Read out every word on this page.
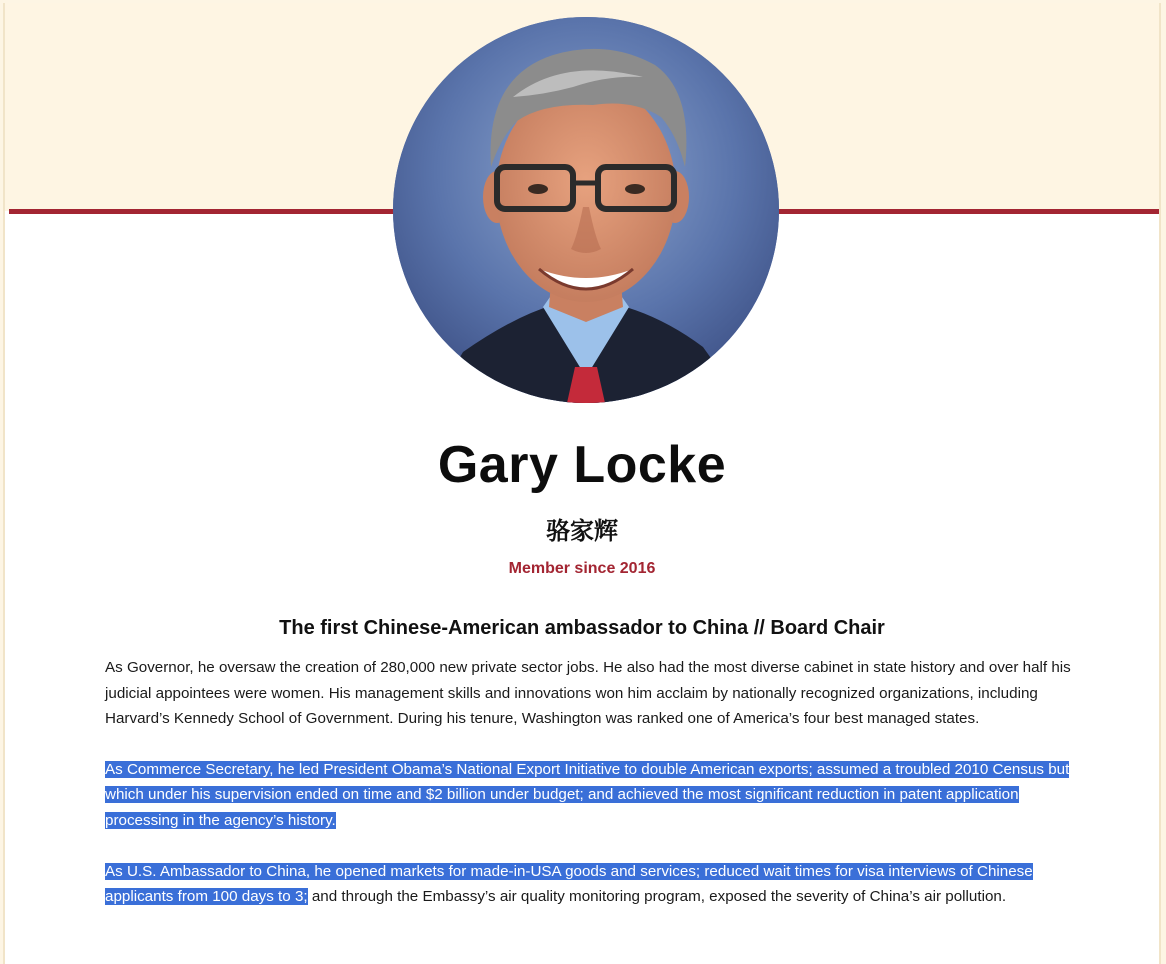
Gary Locke
骆家辉
Member since 2016
The first Chinese-American ambassador to China // Board Chair

As Governor, he oversaw the creation of 280,000 new private sector jobs. He also had the most diverse cabinet in state history and over half his judicial appointees were women. His management skills and innovations won him acclaim by nationally recognized organizations, including Harvard’s Kennedy School of Government. During his tenure, Washington was ranked one of America’s four best managed states.

As Commerce Secretary, he led President Obama’s National Export Initiative to double American exports; assumed a troubled 2010 Census but which under his supervision ended on time and $2 billion under budget; and achieved the most significant reduction in patent application processing in the agency’s history.

As U.S. Ambassador to China, he opened markets for made-in-USA goods and services; reduced wait times for visa interviews of Chinese applicants from 100 days to 3; and through the Embassy’s air quality monitoring program, exposed the severity of China’s air pollution.
